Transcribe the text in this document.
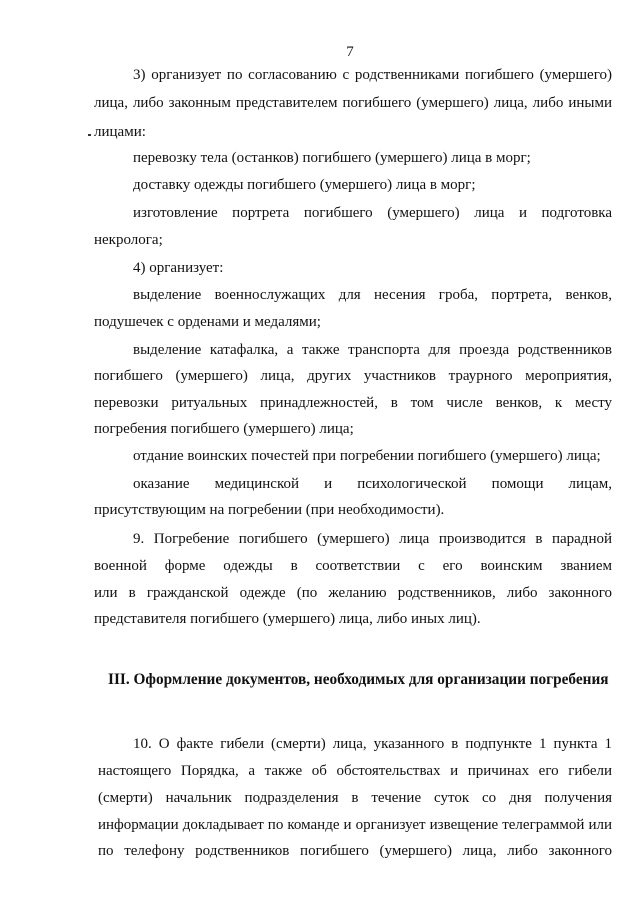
7
3) организует по согласованию с родственниками погибшего (умершего)
лица, либо законным представителем погибшего (умершего) лица, либо иными
лицами:
перевозку тела (останков) погибшего (умершего) лица в морг;
доставку одежды погибшего (умершего) лица в морг;
изготовление портрета погибшего (умершего) лица и подготовка
некролога;
4) организует:
выделение военнослужащих для несения гроба, портрета, венков,
подушечек с орденами и медалями;
выделение катафалка, а также транспорта для проезда родственников
погибшего (умершего) лица, других участников траурного мероприятия,
перевозки ритуальных принадлежностей, в том числе венков, к месту
погребения погибшего (умершего) лица;
отдание воинских почестей при погребении погибшего (умершего) лица;
оказание медицинской и психологической помощи лицам,
присутствующим на погребении (при необходимости).
9. Погребение погибшего (умершего) лица производится в парадной
военной форме одежды в соответствии с его воинским званием
или в гражданской одежде (по желанию родственников, либо законного
представителя погибшего (умершего) лица, либо иных лиц).
III. Оформление документов, необходимых для организации погребения
10. О факте гибели (смерти) лица, указанного в подпункте 1 пункта 1
настоящего Порядка, а также об обстоятельствах и причинах его гибели
(смерти) начальник подразделения в течение суток со дня получения
информации докладывает по команде и организует извещение телеграммой или
по телефону родственников погибшего (умершего) лица, либо законного
